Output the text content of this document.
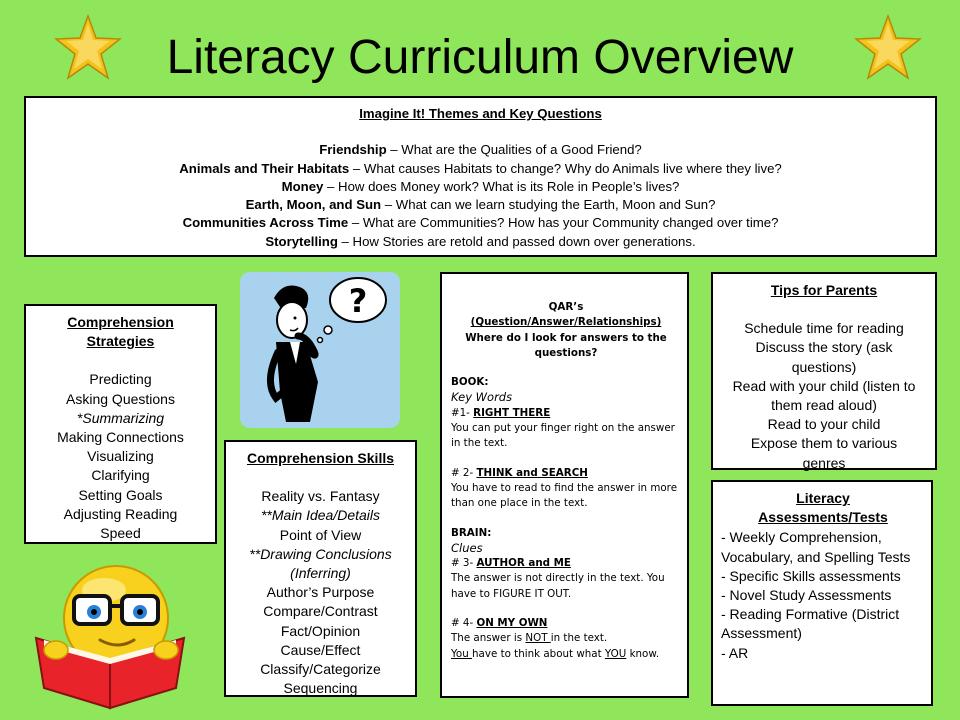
Literacy Curriculum Overview
Imagine It! Themes and Key Questions
Friendship – What are the Qualities of a Good Friend?
Animals and Their Habitats – What causes Habitats to change? Why do Animals live where they live?
Money – How does Money work? What is its Role in People’s lives?
Earth, Moon, and Sun – What can we learn studying the Earth, Moon and Sun?
Communities Across Time – What are Communities? How has your Community changed over time?
Storytelling – How Stories are retold and passed down over generations.
Comprehension
Strategies
Predicting
Asking Questions
*Summarizing
Making Connections
Visualizing
Clarifying
Setting Goals
Adjusting Reading
Speed
?
Comprehension Skills
Reality vs. Fantasy
**Main Idea/Details
Point of View
**Drawing Conclusions
(Inferring)
Author’s Purpose
Compare/Contrast
Fact/Opinion
Cause/Effect
Classify/Categorize
Sequencing
QAR’s
(Question/Answer/Relationships)
Where do I look for answers to the questions?
BOOK:
Key Words
#1- RIGHT THERE
You can put your finger right on the answer in the text.
# 2- THINK and SEARCH
You have to read to find the answer in more than one place in the text.
BRAIN:
Clues
# 3- AUTHOR and ME
The answer is not directly in the text. You have to FIGURE IT OUT.
# 4- ON MY OWN
The answer is NOT in the text.
You have to think about what YOU know.
Tips for Parents
Schedule time for reading
Discuss the story (ask questions)
Read with your child (listen to them read aloud)
Read to your child
Expose them to various genres
Literacy
Assessments/Tests
- Weekly Comprehension, Vocabulary, and Spelling Tests
- Specific Skills assessments
- Novel Study Assessments
- Reading Formative (District Assessment)
- AR
